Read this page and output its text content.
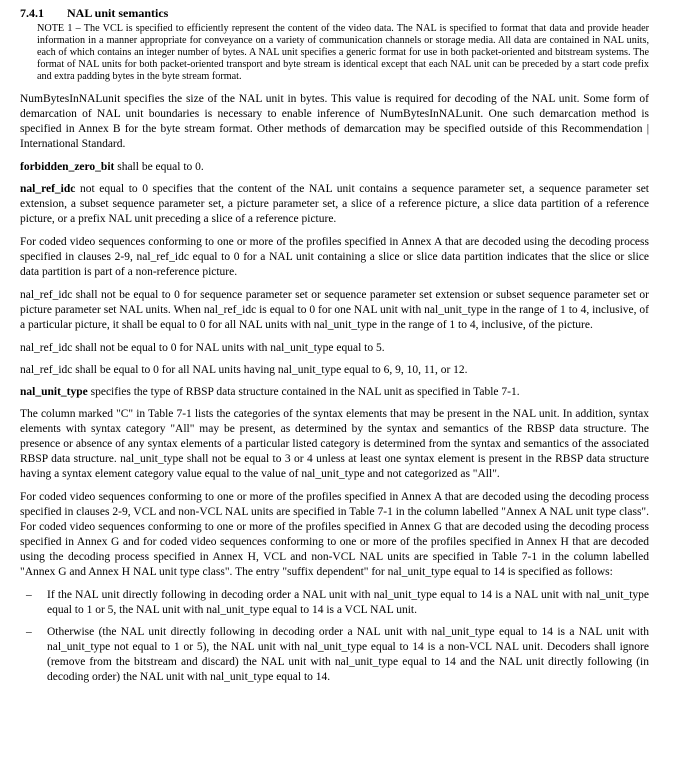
7.4.1 NAL unit semantics
NOTE 1 – The VCL is specified to efficiently represent the content of the video data. The NAL is specified to format that data and provide header information in a manner appropriate for conveyance on a variety of communication channels or storage media. All data are contained in NAL units, each of which contains an integer number of bytes. A NAL unit specifies a generic format for use in both packet-oriented and bitstream systems. The format of NAL units for both packet-oriented transport and byte stream is identical except that each NAL unit can be preceded by a start code prefix and extra padding bytes in the byte stream format.

NumBytesInNALunit specifies the size of the NAL unit in bytes. This value is required for decoding of the NAL unit. Some form of demarcation of NAL unit boundaries is necessary to enable inference of NumBytesInNALunit. One such demarcation method is specified in Annex B for the byte stream format. Other methods of demarcation may be specified outside of this Recommendation | International Standard.

forbidden_zero_bit shall be equal to 0.

nal_ref_idc not equal to 0 specifies that the content of the NAL unit contains a sequence parameter set, a sequence parameter set extension, a subset sequence parameter set, a picture parameter set, a slice of a reference picture, a slice data partition of a reference picture, or a prefix NAL unit preceding a slice of a reference picture.

For coded video sequences conforming to one or more of the profiles specified in Annex A that are decoded using the decoding process specified in clauses 2-9, nal_ref_idc equal to 0 for a NAL unit containing a slice or slice data partition indicates that the slice or slice data partition is part of a non-reference picture.

nal_ref_idc shall not be equal to 0 for sequence parameter set or sequence parameter set extension or subset sequence parameter set or picture parameter set NAL units. When nal_ref_idc is equal to 0 for one NAL unit with nal_unit_type in the range of 1 to 4, inclusive, of a particular picture, it shall be equal to 0 for all NAL units with nal_unit_type in the range of 1 to 4, inclusive, of the picture.

nal_ref_idc shall not be equal to 0 for NAL units with nal_unit_type equal to 5.

nal_ref_idc shall be equal to 0 for all NAL units having nal_unit_type equal to 6, 9, 10, 11, or 12.

nal_unit_type specifies the type of RBSP data structure contained in the NAL unit as specified in Table 7-1.

The column marked "C" in Table 7-1 lists the categories of the syntax elements that may be present in the NAL unit. In addition, syntax elements with syntax category "All" may be present, as determined by the syntax and semantics of the RBSP data structure. The presence or absence of any syntax elements of a particular listed category is determined from the syntax and semantics of the associated RBSP data structure. nal_unit_type shall not be equal to 3 or 4 unless at least one syntax element is present in the RBSP data structure having a syntax element category value equal to the value of nal_unit_type and not categorized as "All".

For coded video sequences conforming to one or more of the profiles specified in Annex A that are decoded using the decoding process specified in clauses 2-9, VCL and non-VCL NAL units are specified in Table 7-1 in the column labelled "Annex A NAL unit type class". For coded video sequences conforming to one or more of the profiles specified in Annex G that are decoded using the decoding process specified in Annex G and for coded video sequences conforming to one or more of the profiles specified in Annex H that are decoded using the decoding process specified in Annex H, VCL and non-VCL NAL units are specified in Table 7-1 in the column labelled "Annex G and Annex H NAL unit type class". The entry "suffix dependent" for nal_unit_type equal to 14 is specified as follows:

–	If the NAL unit directly following in decoding order a NAL unit with nal_unit_type equal to 14 is a NAL unit with nal_unit_type equal to 1 or 5, the NAL unit with nal_unit_type equal to 14 is a VCL NAL unit.
–	Otherwise (the NAL unit directly following in decoding order a NAL unit with nal_unit_type equal to 14 is a NAL unit with nal_unit_type not equal to 1 or 5), the NAL unit with nal_unit_type equal to 14 is a non-VCL NAL unit. Decoders shall ignore (remove from the bitstream and discard) the NAL unit with nal_unit_type equal to 14 and the NAL unit directly following (in decoding order) the NAL unit with nal_unit_type equal to 14.
